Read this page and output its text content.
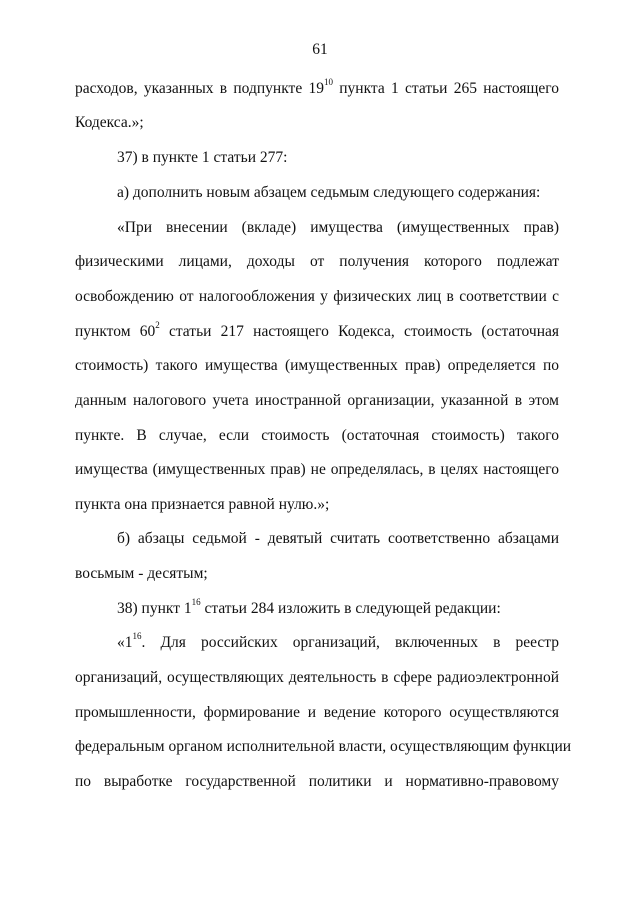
61
расходов, указанных в подпункте $19^{10}$ пункта 1 статьи 265 настоящего
Кодекса.»;
37) в пункте 1 статьи 277:
а) дополнить новым абзацем седьмым следующего содержания:
«При внесении (вкладе) имущества (имущественных прав)
физическими лицами, доходы от получения которого подлежат
освобождению от налогообложения у физических лиц в соответствии с
пунктом $60^2$ статьи 217 настоящего Кодекса, стоимость (остаточная
стоимость) такого имущества (имущественных прав) определяется по
данным налогового учета иностранной организации, указанной в этом
пункте. В случае, если стоимость (остаточная стоимость) такого
имущества (имущественных прав) не определялась, в целях настоящего
пункта она признается равной нулю.»;
б) абзацы седьмой - девятый считать соответственно абзацами
восьмым - десятым;
38) пункт $1^{16}$ статьи 284 изложить в следующей редакции:
«$1^{16}$. Для российских организаций, включенных в реестр
организаций, осуществляющих деятельность в сфере радиоэлектронной
промышленности, формирование и ведение которого осуществляются
федеральным органом исполнительной власти, осуществляющим функции
по выработке государственной политики и нормативно-правовому
